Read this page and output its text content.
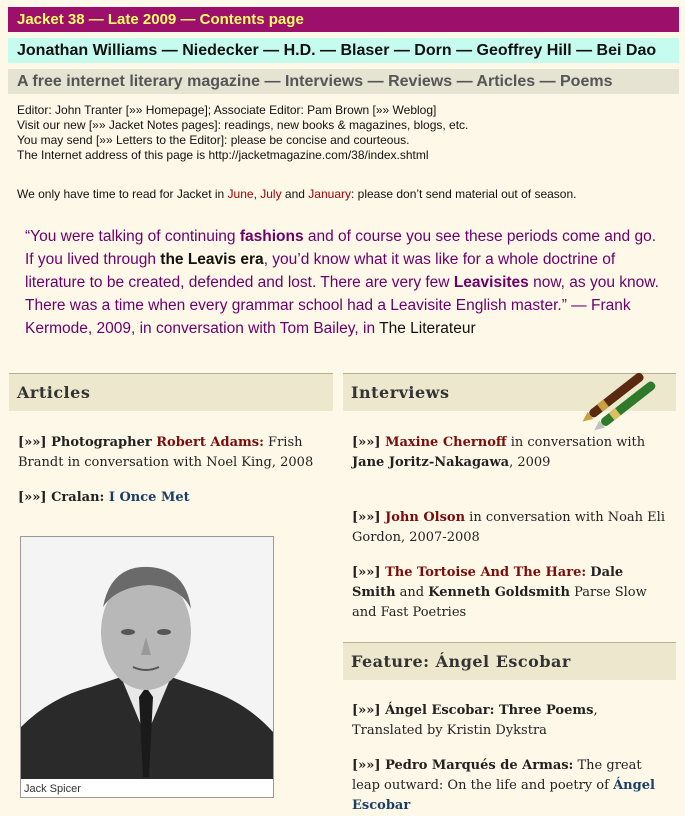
Jacket 38 — Late 2009 — Contents page
Jonathan Williams — Niedecker — H.D. — Blaser — Dorn — Geoffrey Hill — Bei Dao
A free internet literary magazine — Interviews — Reviews — Articles — Poems
Editor: John Tranter [»» Homepage]; Associate Editor: Pam Brown [»» Weblog]
Visit our new [»» Jacket Notes pages]: readings, new books & magazines, blogs, etc.
You may send [»» Letters to the Editor]: please be concise and courteous.
The Internet address of this page is http://jacketmagazine.com/38/index.shtml
We only have time to read for Jacket in June, July and January: please don’t send material out of season.
“You were talking of continuing fashions and of course you see these periods come and go. If you lived through the Leavis era, you’d know what it was like for a whole doctrine of literature to be created, defended and lost. There are very few Leavisites now, as you know. There was a time when every grammar school had a Leavisite English master.” — Frank Kermode, 2009, in conversation with Tom Bailey, in The Literateur
Articles	Interviews
[»»] Photographer Robert Adams: Frish Brandt in conversation with Noel King, 2008
[»»] Cralan: I Once Met
Jack Spicer
[»»] Maxine Chernoff in conversation with Jane Joritz-Nakagawa, 2009
[»»] John Olson in conversation with Noah Eli Gordon, 2007-2008
[»»] The Tortoise And The Hare: Dale Smith and Kenneth Goldsmith Parse Slow and Fast Poetries
Feature: Ángel Escobar
[»»] Ángel Escobar: Three Poems, Translated by Kristin Dykstra
[»»] Pedro Marqués de Armas: The great leap outward: On the life and poetry of Ángel Escobar
